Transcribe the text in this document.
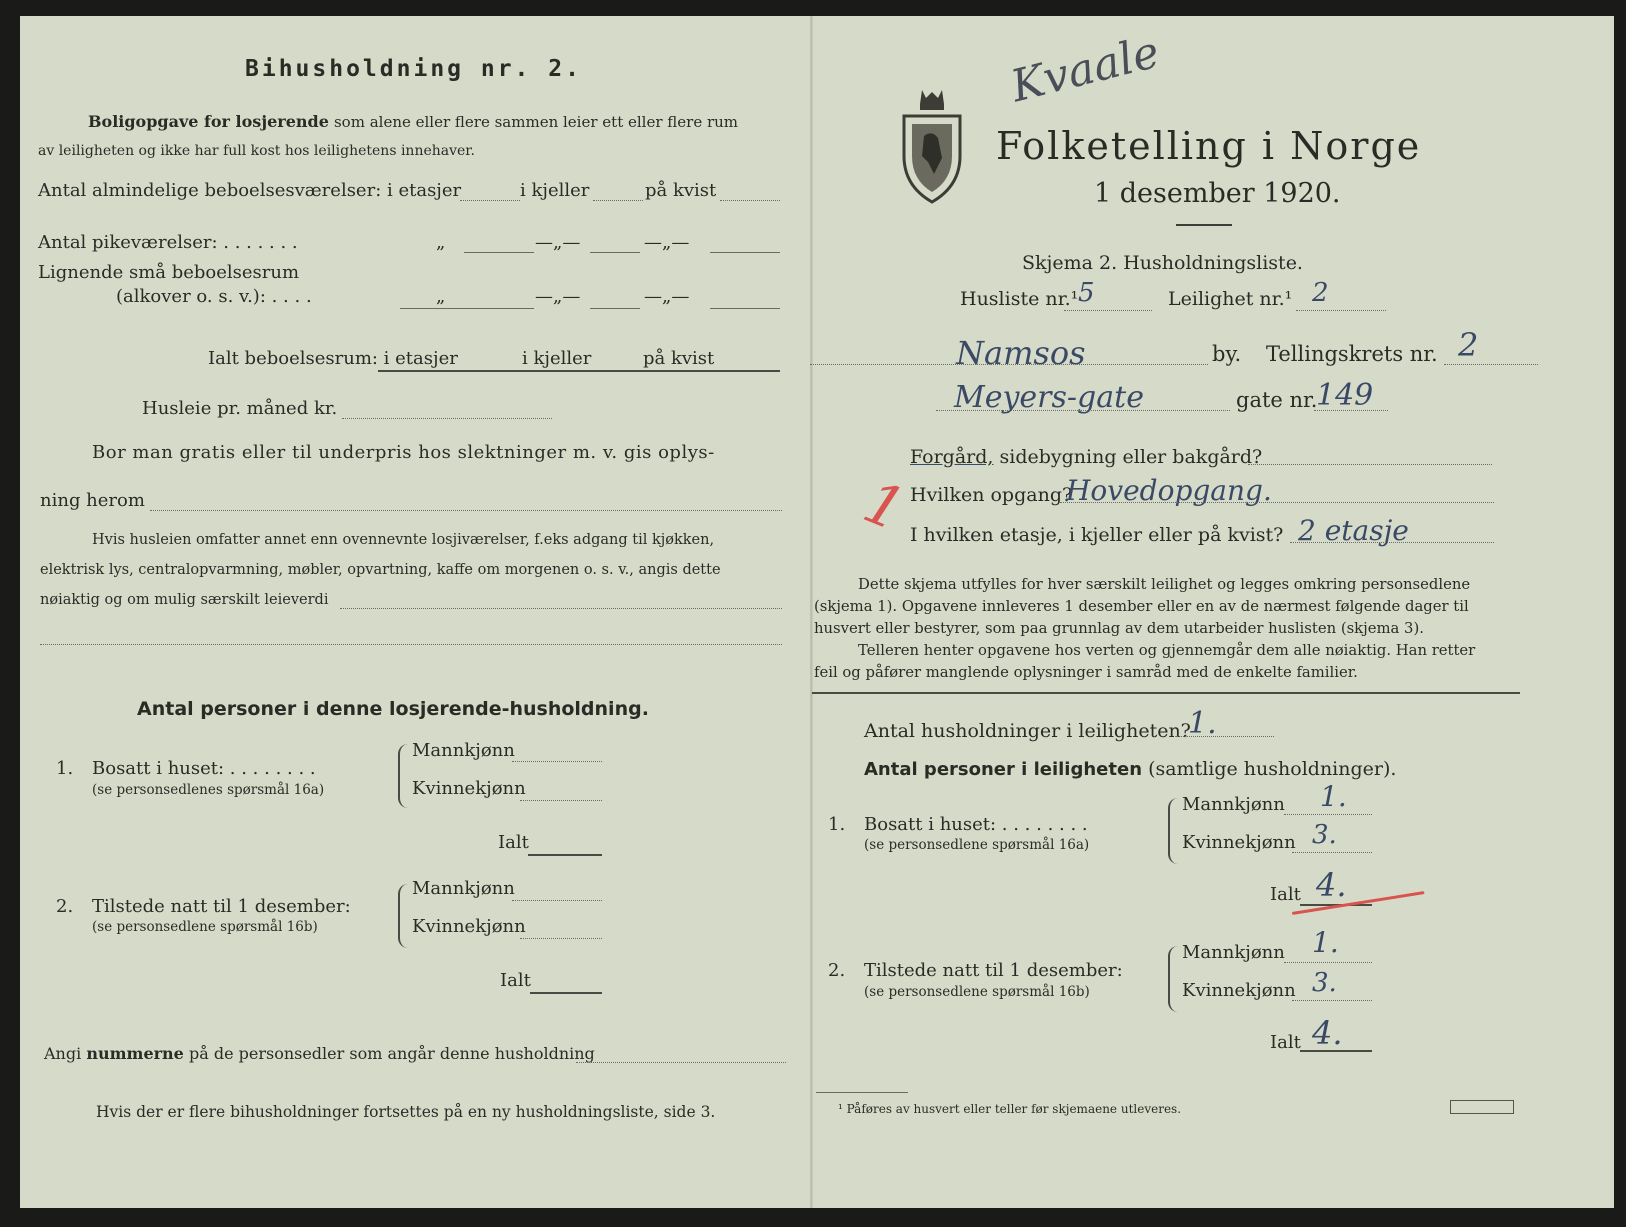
Bihusholdning nr. 2.
Boligopgave for losjerende som alene eller flere sammen leier ett eller flere rum
av leiligheten og ikke har full kost hos leilighetens innehaver.
Antal almindelige beboelsesværelser: i etasjer	i kjeller	på kvist
Antal pikeværelser: . . . . . . .	„	—„—	—„—
Lignende små beboelsesrum
(alkover o. s. v.): . . . .	„	—„—	—„—
Ialt beboelsesrum: i etasjer	i kjeller	på kvist
Husleie pr. måned kr.
Bor man gratis eller til underpris hos slektninger m. v. gis oplys-
ning herom
Hvis husleien omfatter annet enn ovennevnte losjiværelser, f.eks adgang til kjøkken,
elektrisk lys, centralopvarmning, møbler, opvartning, kaffe om morgenen o. s. v., angis dette
nøiaktig og om mulig særskilt leieverdi
Antal personer i denne losjerende-husholdning.
1. Bosatt i huset: . . . . . . . .
(se personsedlenes spørsmål 16a)
Mannkjønn
Kvinnekjønn
Ialt
2. Tilstede natt til 1 desember:
(se personsedlene spørsmål 16b)
Mannkjønn
Kvinnekjønn
Ialt
Angi nummerne på de personsedler som angår denne husholdning
Hvis der er flere bihusholdninger fortsettes på en ny husholdningsliste, side 3.
Folketelling i Norge
1 desember 1920.
Kvaale
Skjema 2. Husholdningsliste.
Husliste nr.¹ 5	Leilighet nr.¹ 2
Namsos	by. Tellingskrets nr. 2
Meyers-gate	gate nr.
149
Forgård, sidebygning eller bakgård?
Hvilken opgang?
Hovedopgang.
I hvilken etasje, i kjeller eller på kvist? 2 etasje
1
Dette skjema utfylles for hver særskilt leilighet og legges omkring personsedlene
(skjema 1). Opgavene innleveres 1 desember eller en av de nærmest følgende dager til
husvert eller bestyrer, som paa grunnlag av dem utarbeider huslisten (skjema 3).
Telleren henter opgavene hos verten og gjennemgår dem alle nøiaktig. Han retter
feil og påfører manglende oplysninger i samråd med de enkelte familier.
Antal husholdninger i leiligheten?
1.
Antal personer i leiligheten (samtlige husholdninger).
1. Bosatt i huset: . . . . . . . .
(se personsedlene spørsmål 16a)
Mannkjønn 1.
Kvinnekjønn 3.
Ialt 4.
2. Tilstede natt til 1 desember:
(se personsedlene spørsmål 16b)
Mannkjønn 1.
Kvinnekjønn 3.
Ialt 4.
¹ Påføres av husvert eller teller før skjemaene utleveres.
